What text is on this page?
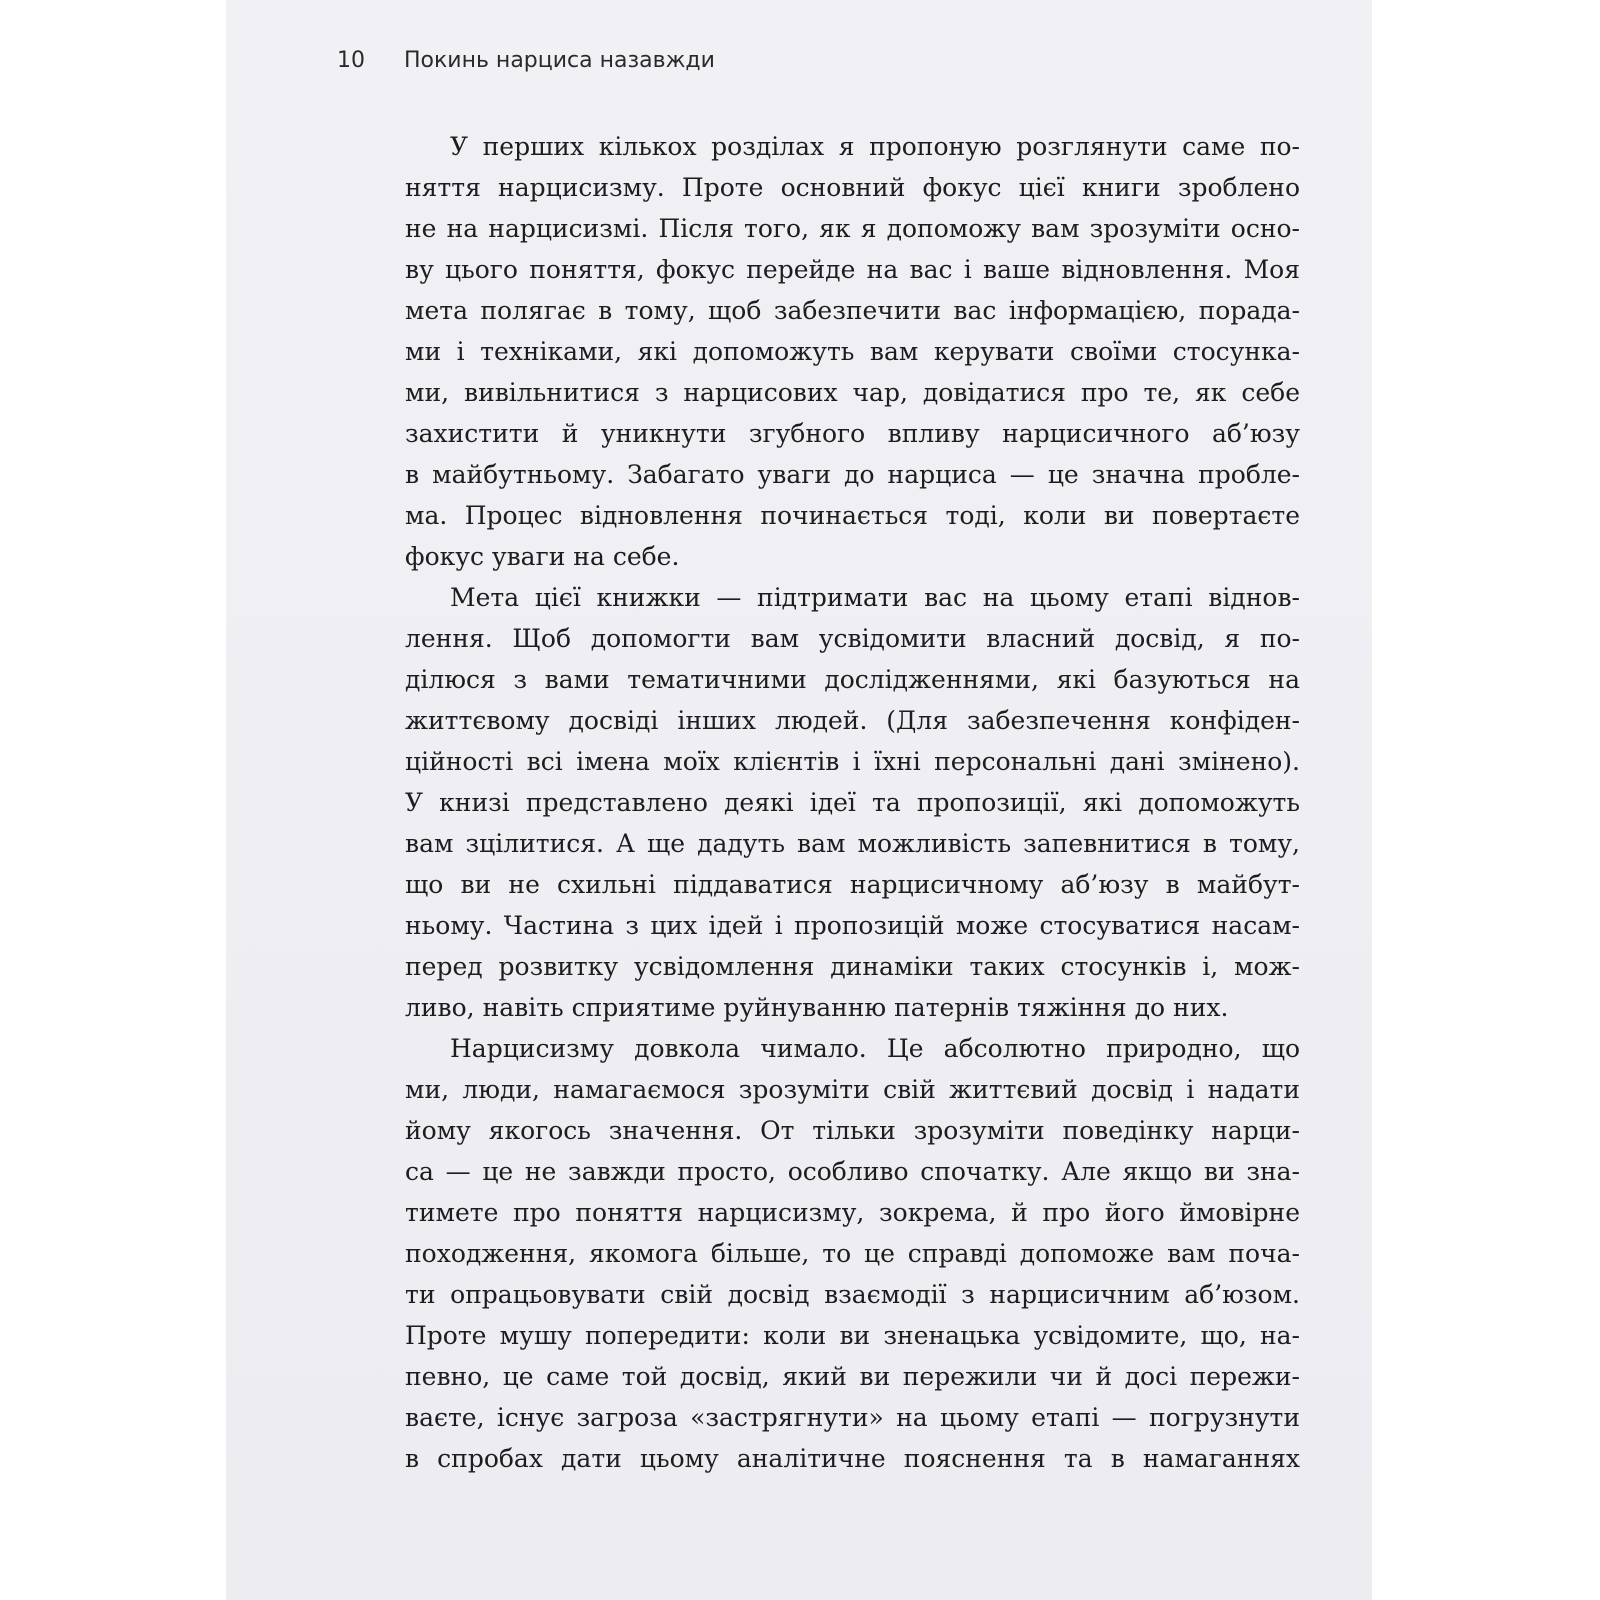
10 Покинь нарциса назавжди
У перших кількох розділах я пропоную розглянути саме по-
няття нарцисизму. Проте основний фокус цієї книги зроблено
не на нарцисизмі. Після того, як я допоможу вам зрозуміти осно-
ву цього поняття, фокус перейде на вас і ваше відновлення. Моя
мета полягає в тому, щоб забезпечити вас інформацією, порада-
ми і техніками, які допоможуть вам керувати своїми стосунка-
ми, вивільнитися з нарцисових чар, довідатися про те, як себе
захистити й уникнути згубного впливу нарцисичного аб’юзу
в майбутньому. Забагато уваги до нарциса — це значна пробле-
ма. Процес відновлення починається тоді, коли ви повертаєте
фокус уваги на себе.
Мета цієї книжки — підтримати вас на цьому етапі віднов-
лення. Щоб допомогти вам усвідомити власний досвід, я по-
ділюся з вами тематичними дослідженнями, які базуються на
життєвому досвіді інших людей. (Для забезпечення конфіден-
ційності всі імена моїх клієнтів і їхні персональні дані змінено).
У книзі представлено деякі ідеї та пропозиції, які допоможуть
вам зцілитися. А ще дадуть вам можливість запевнитися в тому,
що ви не схильні піддаватися нарцисичному аб’юзу в майбут-
ньому. Частина з цих ідей і пропозицій може стосуватися насам-
перед розвитку усвідомлення динаміки таких стосунків і, мож-
ливо, навіть сприятиме руйнуванню патернів тяжіння до них.
Нарцисизму довкола чимало. Це абсолютно природно, що
ми, люди, намагаємося зрозуміти свій життєвий досвід і надати
йому якогось значення. От тільки зрозуміти поведінку нарци-
са — це не завжди просто, особливо спочатку. Але якщо ви зна-
тимете про поняття нарцисизму, зокрема, й про його ймовірне
походження, якомога більше, то це справді допоможе вам поча-
ти опрацьовувати свій досвід взаємодії з нарцисичним аб’юзом.
Проте мушу попередити: коли ви зненацька усвідомите, що, на-
певно, це саме той досвід, який ви пережили чи й досі пережи-
ваєте, існує загроза «застрягнути» на цьому етапі — погрузнути
в спробах дати цьому аналітичне пояснення та в намаганнях
